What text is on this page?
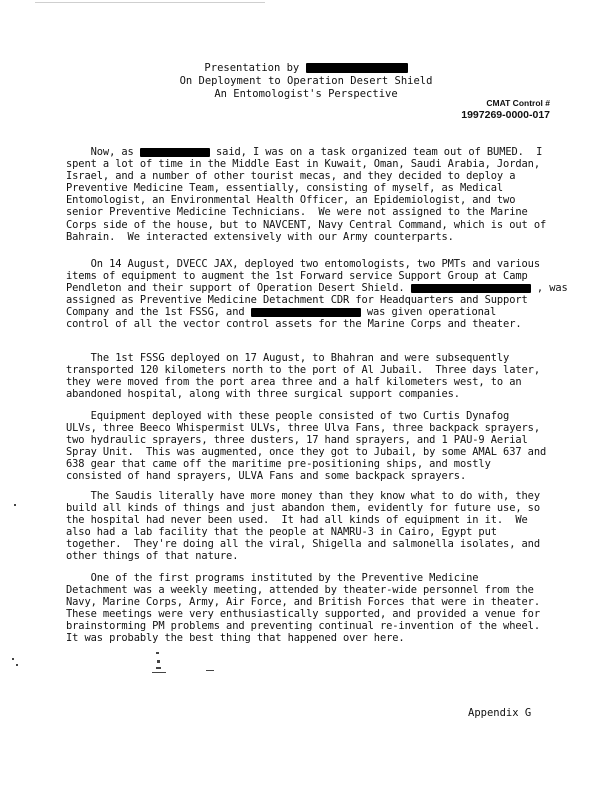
Presentation by
On Deployment to Operation Desert Shield
An Entomologist's Perspective
CMAT Control #
1997269-0000-017
Now, as	said, I was on a task organized team out of BUMED.  I
spent a lot of time in the Middle East in Kuwait, Oman, Saudi Arabia, Jordan,
Israel, and a number of other tourist mecas, and they decided to deploy a
Preventive Medicine Team, essentially, consisting of myself, as Medical
Entomologist, an Environmental Health Officer, an Epidemiologist, and two
senior Preventive Medicine Technicians.  We were not assigned to the Marine
Corps side of the house, but to NAVCENT, Navy Central Command, which is out of
Bahrain.  We interacted extensively with our Army counterparts.
On 14 August, DVECC JAX, deployed two entomologists, two PMTs and various
items of equipment to augment the 1st Forward service Support Group at Camp
Pendleton and their support of Operation Desert Shield.	, was
assigned as Preventive Medicine Detachment CDR for Headquarters and Support
Company and the 1st FSSG, and	was given operational
control of all the vector control assets for the Marine Corps and theater.
The 1st FSSG deployed on 17 August, to Bhahran and were subsequently
transported 120 kilometers north to the port of Al Jubail.  Three days later,
they were moved from the port area three and a half kilometers west, to an
abandoned hospital, along with three surgical support companies.
Equipment deployed with these people consisted of two Curtis Dynafog
ULVs, three Beeco Whispermist ULVs, three Ulva Fans, three backpack sprayers,
two hydraulic sprayers, three dusters, 17 hand sprayers, and 1 PAU-9 Aerial
Spray Unit.  This was augmented, once they got to Jubail, by some AMAL 637 and
638 gear that came off the maritime pre-positioning ships, and mostly
consisted of hand sprayers, ULVA Fans and some backpack sprayers.
The Saudis literally have more money than they know what to do with, they
build all kinds of things and just abandon them, evidently for future use, so
the hospital had never been used.  It had all kinds of equipment in it.  We
also had a lab facility that the people at NAMRU-3 in Cairo, Egypt put
together.  They're doing all the viral, Shigella and salmonella isolates, and
other things of that nature.
One of the first programs instituted by the Preventive Medicine
Detachment was a weekly meeting, attended by theater-wide personnel from the
Navy, Marine Corps, Army, Air Force, and British Forces that were in theater.
These meetings were very enthusiastically supported, and provided a venue for
brainstorming PM problems and preventing continual re-invention of the wheel.
It was probably the best thing that happened over here.
Appendix G
